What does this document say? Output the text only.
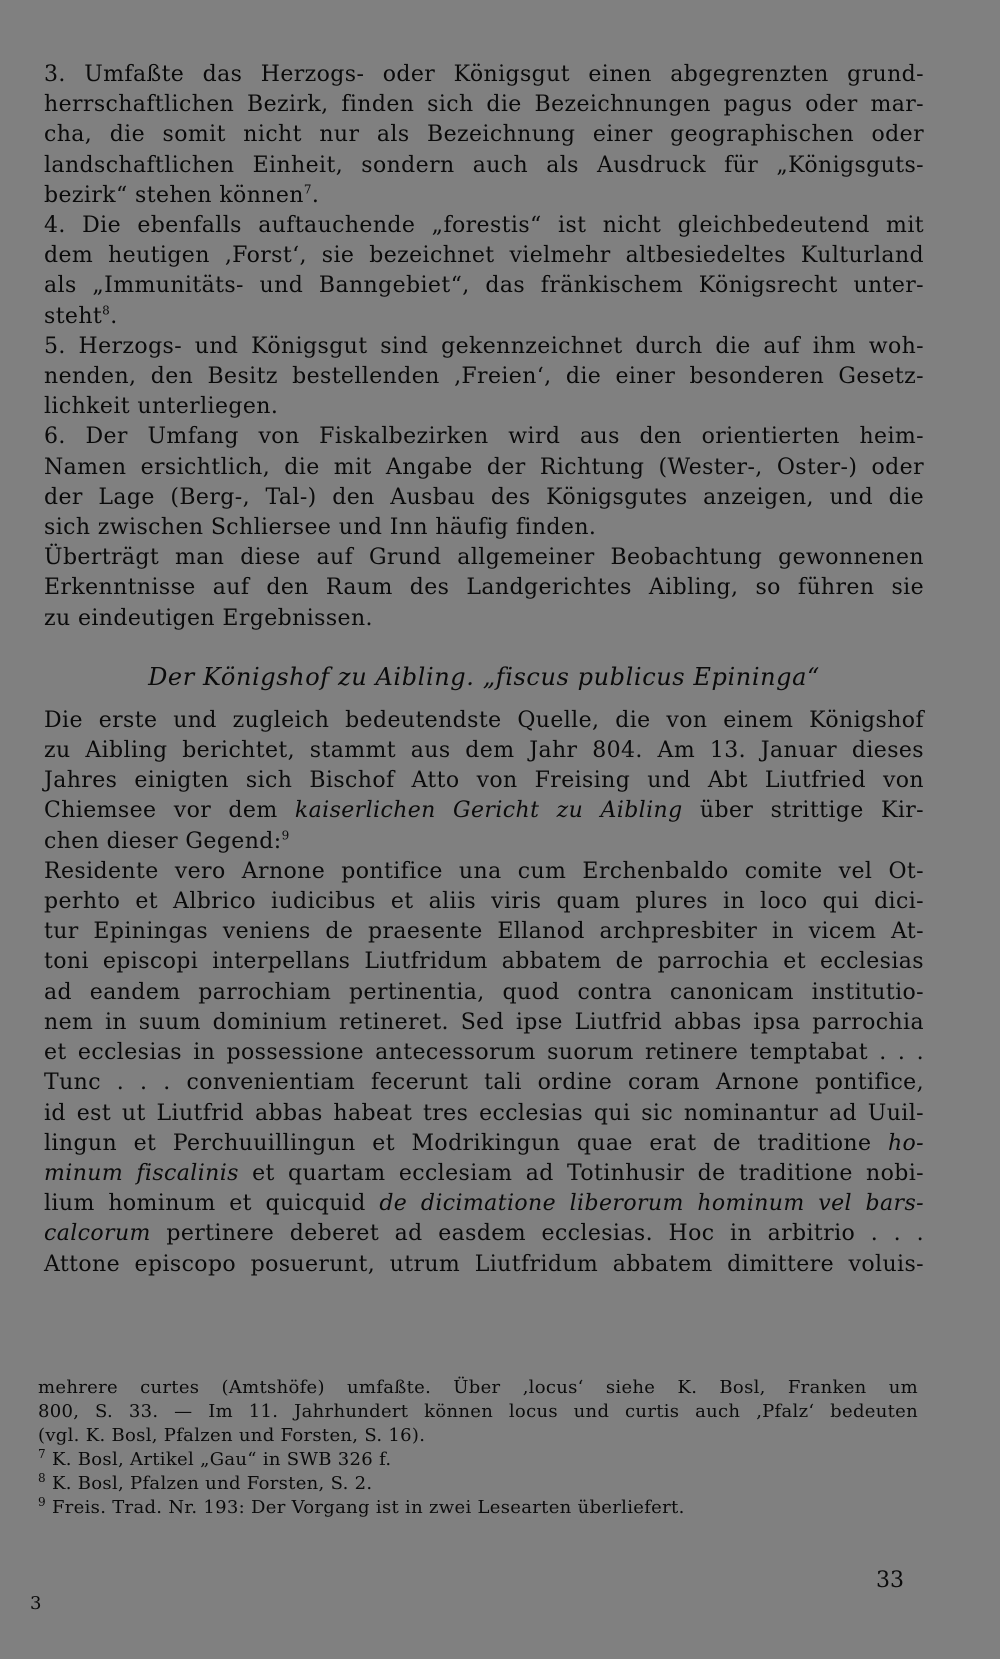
3. Umfaßte das Herzogs- oder Königsgut einen abgegrenzten grund-
herrschaftlichen Bezirk, finden sich die Bezeichnungen pagus oder mar-
cha, die somit nicht nur als Bezeichnung einer geographischen oder
landschaftlichen Einheit, sondern auch als Ausdruck für „Königsguts-
bezirk“ stehen können$^7$.
4. Die ebenfalls auftauchende „forestis“ ist nicht gleichbedeutend mit
dem heutigen ‚Forst‘, sie bezeichnet vielmehr altbesiedeltes Kulturland
als „Immunitäts- und Banngebiet“, das fränkischem Königsrecht unter-
steht$^8$.
5. Herzogs- und Königsgut sind gekennzeichnet durch die auf ihm woh-
nenden, den Besitz bestellenden ‚Freien‘, die einer besonderen Gesetz-
lichkeit unterliegen.
6. Der Umfang von Fiskalbezirken wird aus den orientierten heim-
Namen ersichtlich, die mit Angabe der Richtung (Wester-, Oster-) oder
der Lage (Berg-, Tal-) den Ausbau des Königsgutes anzeigen, und die
sich zwischen Schliersee und Inn häufig finden.
Überträgt man diese auf Grund allgemeiner Beobachtung gewonnenen
Erkenntnisse auf den Raum des Landgerichtes Aibling, so führen sie
zu eindeutigen Ergebnissen.
Der Königshof zu Aibling. „fiscus publicus Epininga“
Die erste und zugleich bedeutendste Quelle, die von einem Königshof
zu Aibling berichtet, stammt aus dem Jahr 804. Am 13. Januar dieses
Jahres einigten sich Bischof Atto von Freising und Abt Liutfried von
Chiemsee vor dem kaiserlichen Gericht zu Aibling über strittige Kir-
chen dieser Gegend:$^9$
Residente vero Arnone pontifice una cum Erchenbaldo comite vel Ot-
perhto et Albrico iudicibus et aliis viris quam plures in loco qui dici-
tur Epiningas veniens de praesente Ellanod archpresbiter in vicem At-
toni episcopi interpellans Liutfridum abbatem de parrochia et ecclesias
ad eandem parrochiam pertinentia, quod contra canonicam institutio-
nem in suum dominium retineret. Sed ipse Liutfrid abbas ipsa parrochia
et ecclesias in possessione antecessorum suorum retinere temptabat . . .
Tunc . . . convenientiam fecerunt tali ordine coram Arnone pontifice,
id est ut Liutfrid abbas habeat tres ecclesias qui sic nominantur ad Uuil-
lingun et Perchuuillingun et Modrikingun quae erat de traditione ho-
minum fiscalinis et quartam ecclesiam ad Totinhusir de traditione nobi-
lium hominum et quicquid de dicimatione liberorum hominum vel bars-
calcorum pertinere deberet ad easdem ecclesias. Hoc in arbitrio . . .
Attone episcopo posuerunt, utrum Liutfridum abbatem dimittere voluis-
mehrere curtes (Amtshöfe) umfaßte. Über ‚locus‘ siehe K. Bosl, Franken um
800, S. 33. — Im 11. Jahrhundert können locus und curtis auch ‚Pfalz‘ bedeuten
(vgl. K. Bosl, Pfalzen und Forsten, S. 16).
$^7$ K. Bosl, Artikel „Gau“ in SWB 326 f.
$^8$ K. Bosl, Pfalzen und Forsten, S. 2.
$^9$ Freis. Trad. Nr. 193: Der Vorgang ist in zwei Lesearten überliefert.
33
3
